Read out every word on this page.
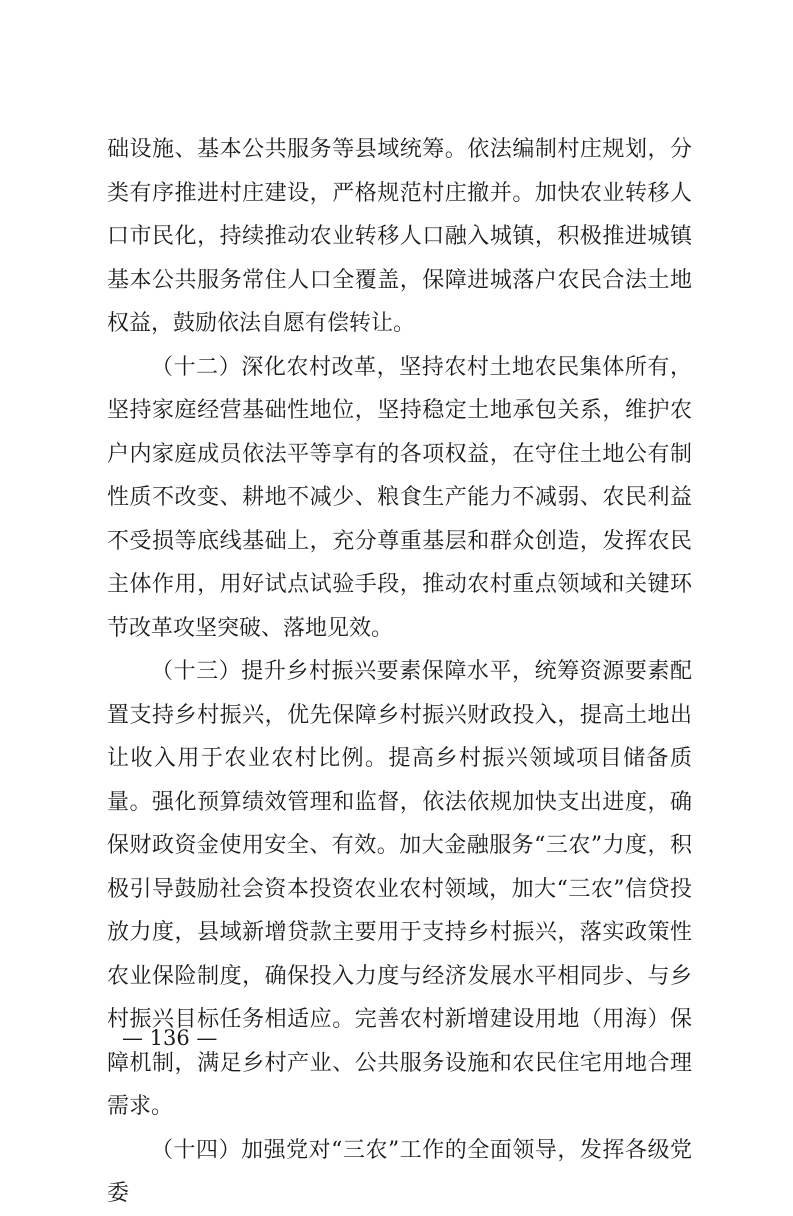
础设施、基本公共服务等县域统筹。依法编制村庄规划，分类有序推进村庄建设，严格规范村庄撤并。加快农业转移人口市民化，持续推动农业转移人口融入城镇，积极推进城镇基本公共服务常住人口全覆盖，保障进城落户农民合法土地权益，鼓励依法自愿有偿转让。

（十二）深化农村改革，坚持农村土地农民集体所有，坚持家庭经营基础性地位，坚持稳定土地承包关系，维护农户内家庭成员依法平等享有的各项权益，在守住土地公有制性质不改变、耕地不减少、粮食生产能力不减弱、农民利益不受损等底线基础上，充分尊重基层和群众创造，发挥农民主体作用，用好试点试验手段，推动农村重点领域和关键环节改革攻坚突破、落地见效。

（十三）提升乡村振兴要素保障水平，统筹资源要素配置支持乡村振兴，优先保障乡村振兴财政投入，提高土地出让收入用于农业农村比例。提高乡村振兴领域项目储备质量。强化预算绩效管理和监督，依法依规加快支出进度，确保财政资金使用安全、有效。加大金融服务“三农”力度，积极引导鼓励社会资本投资农业农村领域，加大“三农”信贷投放力度，县域新增贷款主要用于支持乡村振兴，落实政策性农业保险制度，确保投入力度与经济发展水平相同步、与乡村振兴目标任务相适应。完善农村新增建设用地（用海）保障机制，满足乡村产业、公共服务设施和农民住宅用地合理需求。

（十四）加强党对“三农”工作的全面领导，发挥各级党委

— 136 —
